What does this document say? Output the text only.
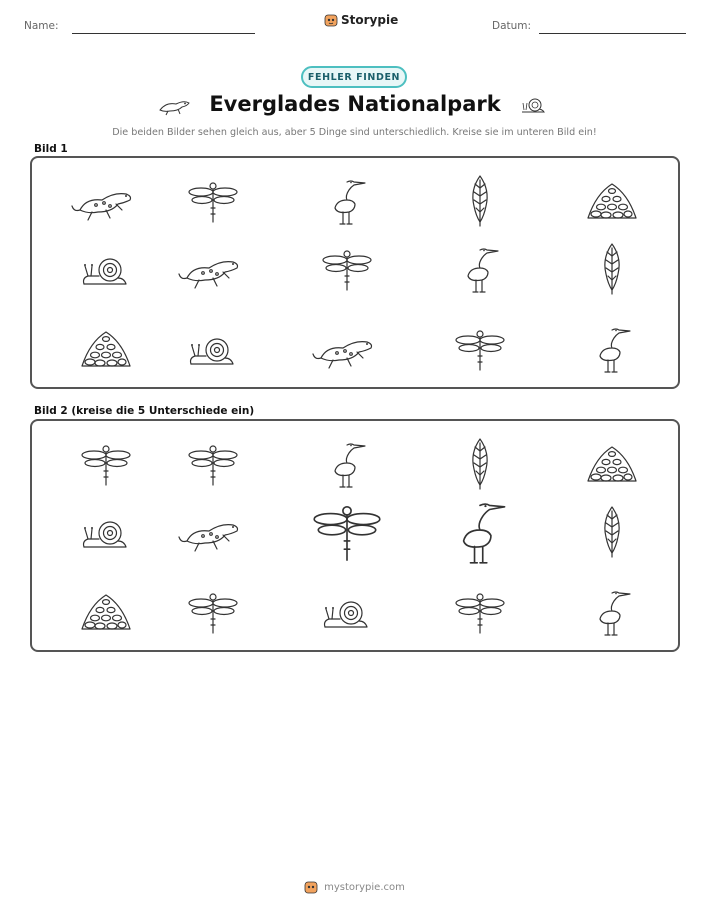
Name:	Storypie	Datum:
FEHLER FINDEN
Everglades Nationalpark
Die beiden Bilder sehen gleich aus, aber 5 Dinge sind unterschiedlich. Kreise sie im unteren Bild ein!
Bild 1
Bild 2 (kreise die 5 Unterschiede ein)
mystorypie.com
